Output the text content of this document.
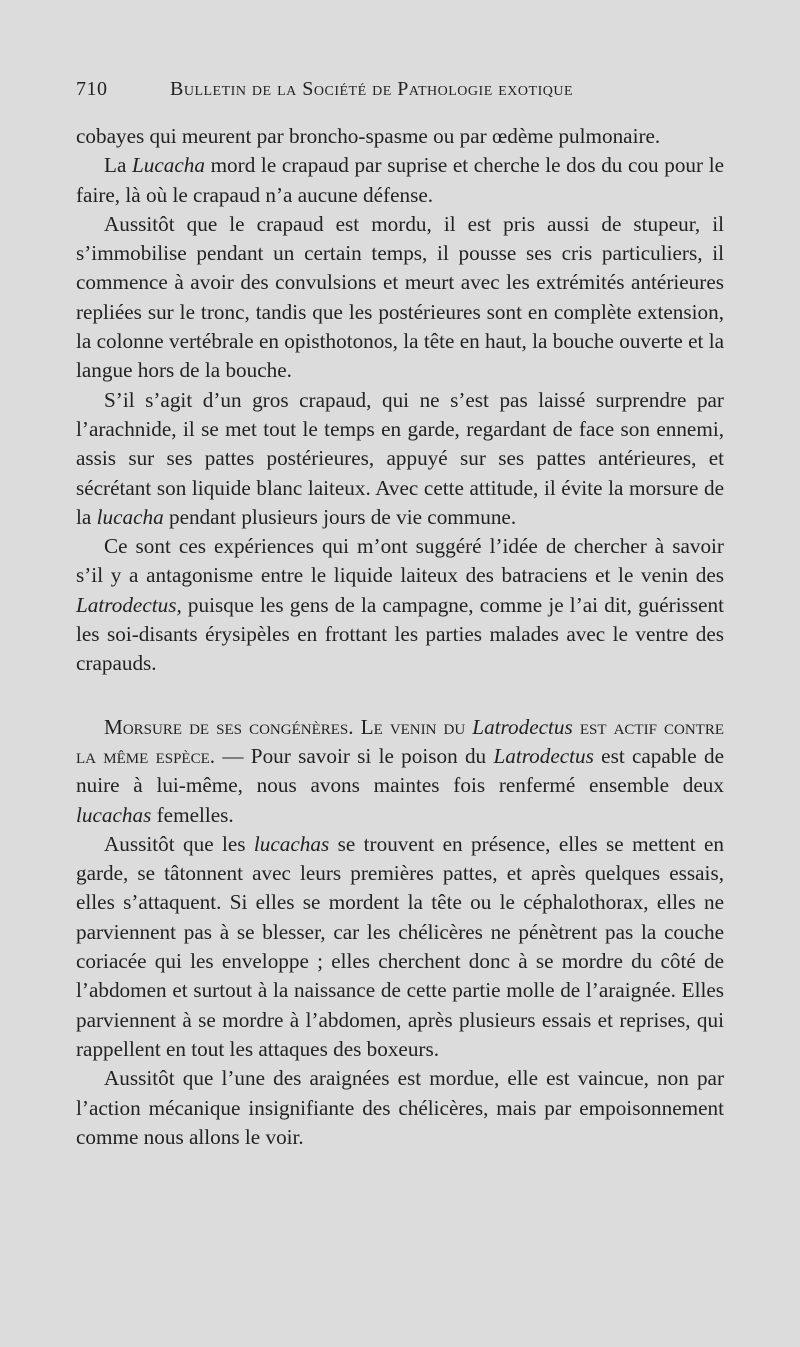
710	Bulletin de la Société de Pathologie exotique

cobayes qui meurent par broncho-spasme ou par œdème pulmonaire.

La Lucacha mord le crapaud par suprise et cherche le dos du cou pour le faire, là où le crapaud n’a aucune défense.

Aussitôt que le crapaud est mordu, il est pris aussi de stupeur, il s’immobilise pendant un certain temps, il pousse ses cris particuliers, il commence à avoir des convulsions et meurt avec les extrémités antérieures repliées sur le tronc, tandis que les postérieures sont en complète extension, la colonne vertébrale en opisthotonos, la tête en haut, la bouche ouverte et la langue hors de la bouche.

S’il s’agit d’un gros crapaud, qui ne s’est pas laissé surprendre par l’arachnide, il se met tout le temps en garde, regardant de face son ennemi, assis sur ses pattes postérieures, appuyé sur ses pattes antérieures, et sécrétant son liquide blanc laiteux. Avec cette attitude, il évite la morsure de la lucacha pendant plusieurs jours de vie commune.

Ce sont ces expériences qui m’ont suggéré l’idée de chercher à savoir s’il y a antagonisme entre le liquide laiteux des batraciens et le venin des Latrodectus, puisque les gens de la campagne, comme je l’ai dit, guérissent les soi-disants érysipèles en frottant les parties malades avec le ventre des crapauds.

Morsure de ses congénères. Le venin du Latrodectus est actif contre la même espèce. — Pour savoir si le poison du Latrodectus est capable de nuire à lui-même, nous avons maintes fois renfermé ensemble deux lucachas femelles.

Aussitôt que les lucachas se trouvent en présence, elles se mettent en garde, se tâtonnent avec leurs premières pattes, et après quelques essais, elles s’attaquent. Si elles se mordent la tête ou le céphalothorax, elles ne parviennent pas à se blesser, car les chélicères ne pénètrent pas la couche coriacée qui les enveloppe ; elles cherchent donc à se mordre du côté de l’abdomen et surtout à la naissance de cette partie molle de l’araignée. Elles parviennent à se mordre à l’abdomen, après plusieurs essais et reprises, qui rappellent en tout les attaques des boxeurs.

Aussitôt que l’une des araignées est mordue, elle est vaincue, non par l’action mécanique insignifiante des chélicères, mais par empoisonnement comme nous allons le voir.
